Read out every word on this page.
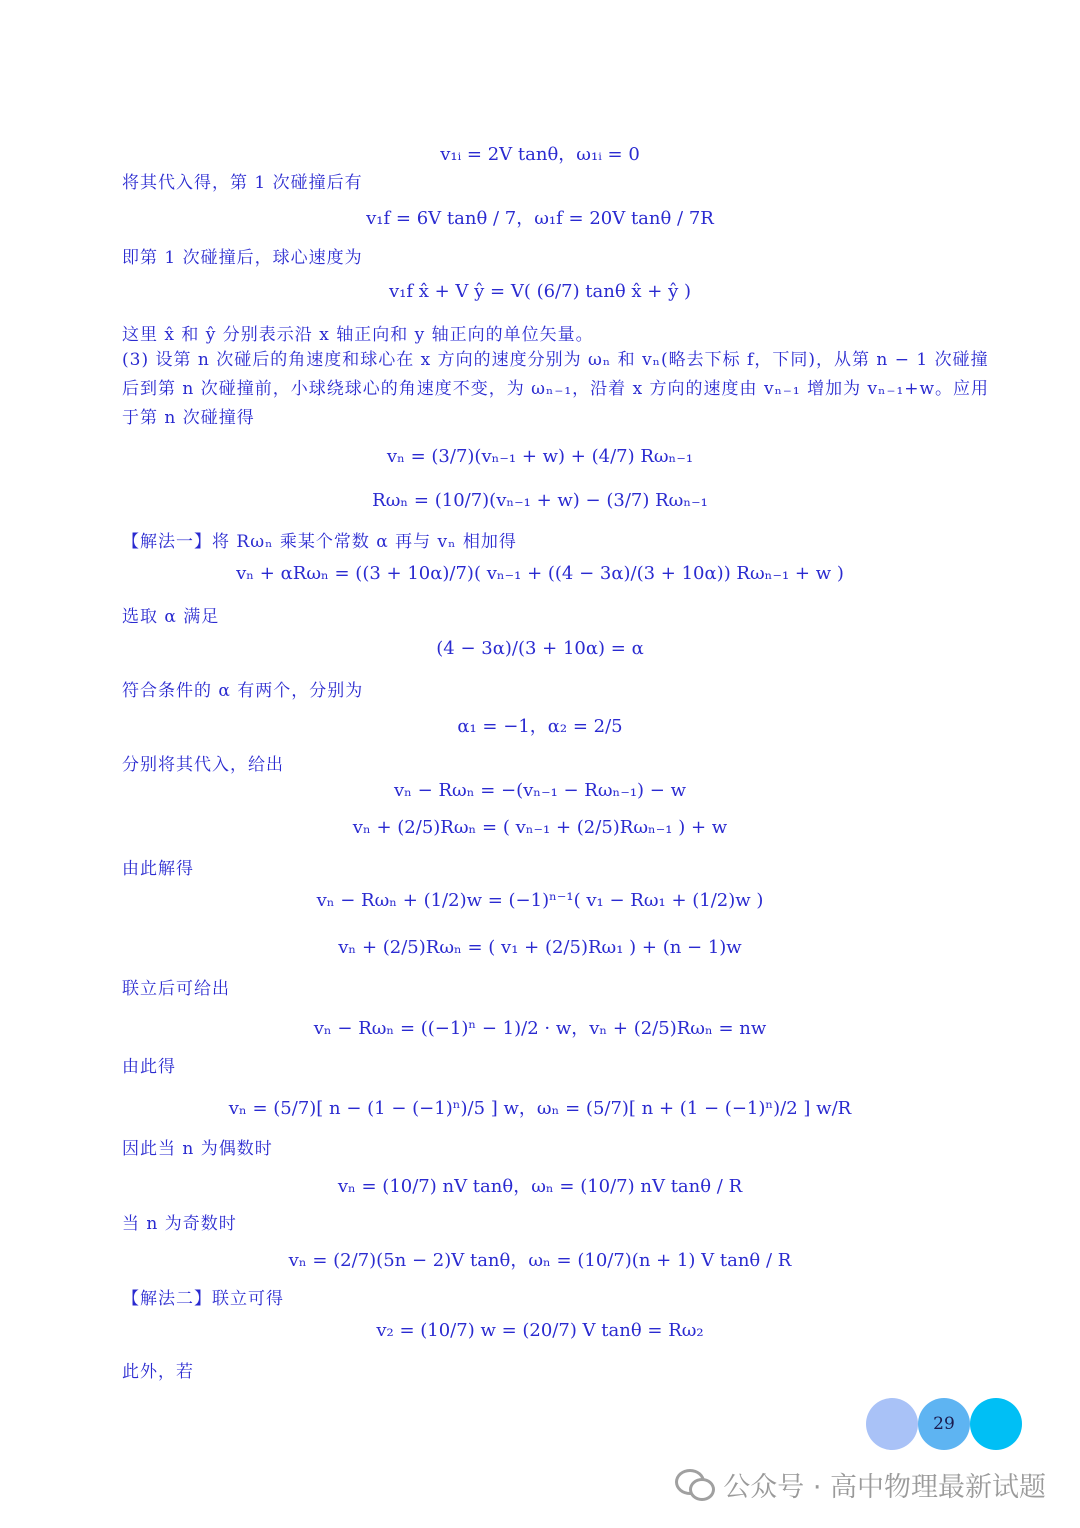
v₁ᵢ = 2V tanθ，ω₁ᵢ = 0
将其代入得，第 1 次碰撞后有
v₁f = 6V tanθ / 7，ω₁f = 20V tanθ / 7R
即第 1 次碰撞后，球心速度为
v₁f x̂ + V ŷ = V( (6/7) tanθ x̂ + ŷ )
这里 x̂ 和 ŷ 分别表示沿 x 轴正向和 y 轴正向的单位矢量。
(3) 设第 n 次碰后的角速度和球心在 x 方向的速度分别为 ωₙ 和 vₙ(略去下标 f，下同)，从第 n − 1 次碰撞后到第 n 次碰撞前，小球绕球心的角速度不变，为 ωₙ₋₁，沿着 x 方向的速度由 vₙ₋₁ 增加为 vₙ₋₁+w。应用于第 n 次碰撞得
vₙ = (3/7)(vₙ₋₁ + w) + (4/7) Rωₙ₋₁
Rωₙ = (10/7)(vₙ₋₁ + w) − (3/7) Rωₙ₋₁
【解法一】将 Rωₙ 乘某个常数 α 再与 vₙ 相加得
vₙ + αRωₙ = ((3 + 10α)/7)( vₙ₋₁ + ((4 − 3α)/(3 + 10α)) Rωₙ₋₁ + w )
选取 α 满足
(4 − 3α)/(3 + 10α) = α
符合条件的 α 有两个，分别为
α₁ = −1，α₂ = 2/5
分别将其代入，给出
vₙ − Rωₙ = −(vₙ₋₁ − Rωₙ₋₁) − w
vₙ + (2/5)Rωₙ = ( vₙ₋₁ + (2/5)Rωₙ₋₁ ) + w
由此解得
vₙ − Rωₙ + (1/2)w = (−1)ⁿ⁻¹( v₁ − Rω₁ + (1/2)w )
vₙ + (2/5)Rωₙ = ( v₁ + (2/5)Rω₁ ) + (n − 1)w
联立后可给出
vₙ − Rωₙ = ((−1)ⁿ − 1)/2 · w，vₙ + (2/5)Rωₙ = nw
由此得
vₙ = (5/7)[ n − (1 − (−1)ⁿ)/5 ] w，ωₙ = (5/7)[ n + (1 − (−1)ⁿ)/2 ] w/R
因此当 n 为偶数时
vₙ = (10/7) nV tanθ，ωₙ = (10/7) nV tanθ / R
当 n 为奇数时
vₙ = (2/7)(5n − 2)V tanθ，ωₙ = (10/7)(n + 1) V tanθ / R
【解法二】联立可得
v₂ = (10/7) w = (20/7) V tanθ = Rω₂
此外，若
29
公众号 · 高中物理最新试题
